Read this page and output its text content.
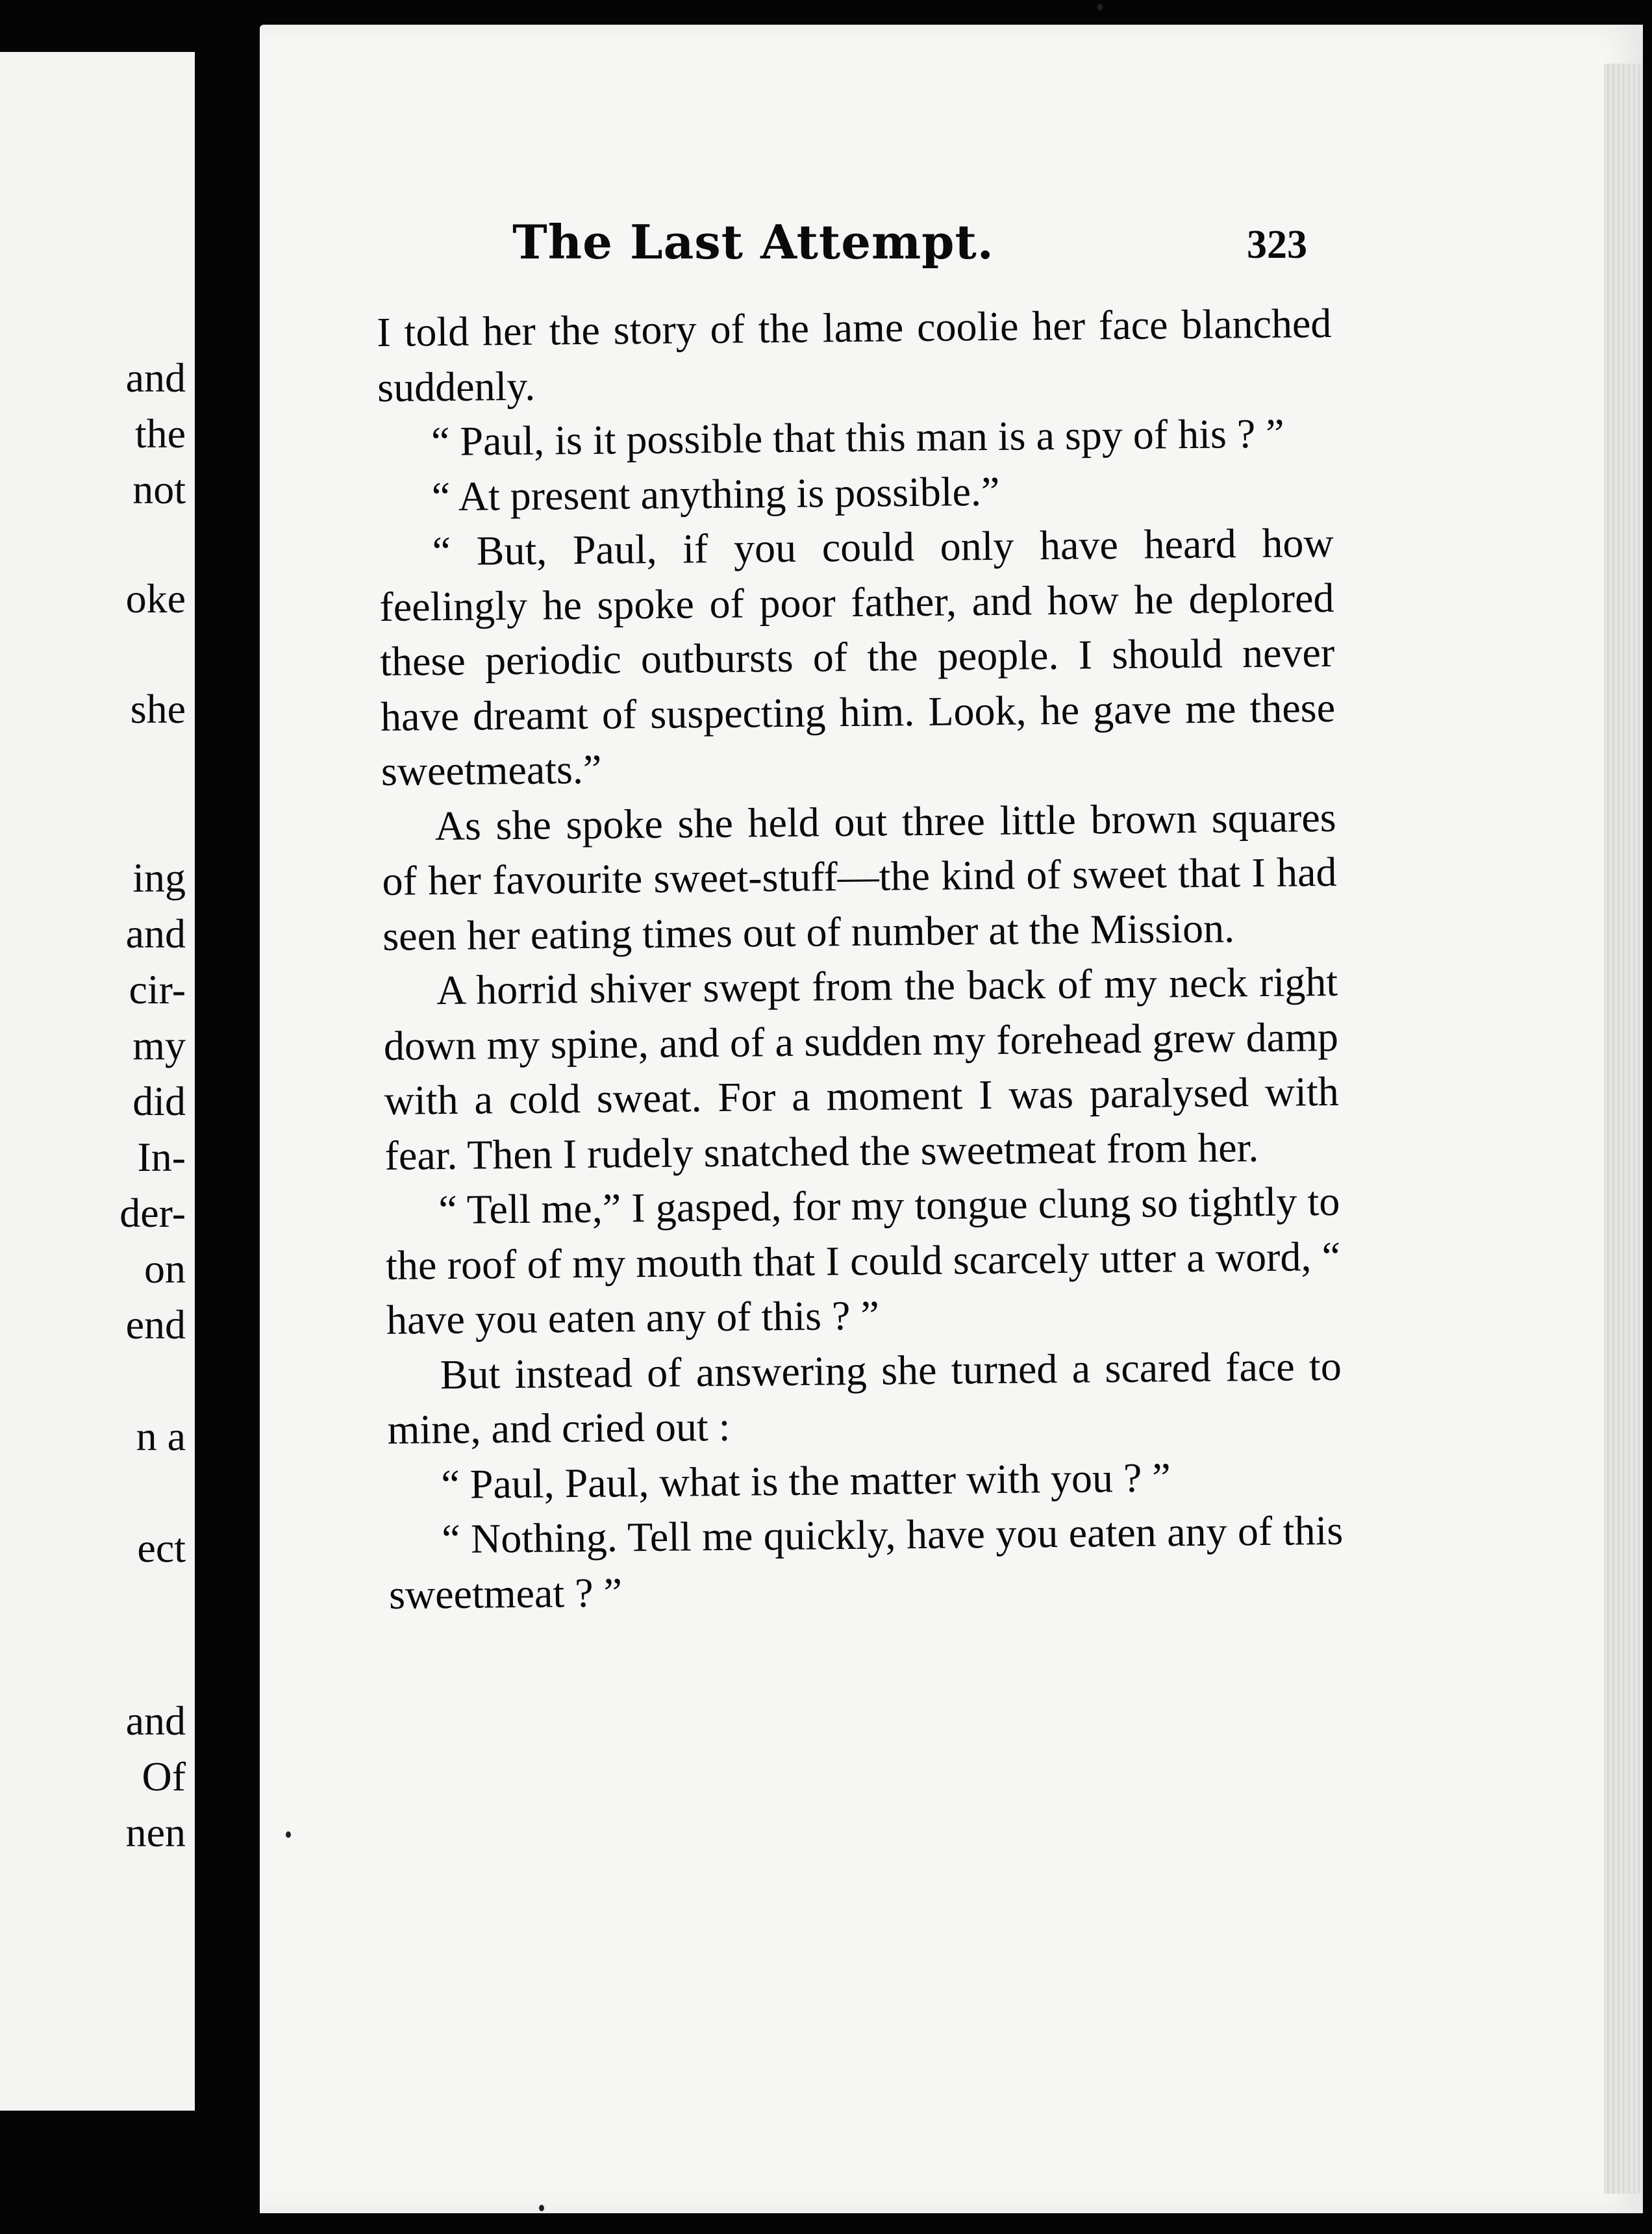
and
the
not
oke
she
ing
and
cir-
my
did
In-
der-
on
end
n a
ect
and
Of
nen
The Last Attempt.	323

I told her the story of the lame coolie her face blanched suddenly.

“ Paul, is it possible that this man is a spy of his ? ”

“ At present anything is possible.”

“ But, Paul, if you could only have heard how feelingly he spoke of poor father, and how he deplored these periodic outbursts of the people. I should never have dreamt of suspecting him. Look, he gave me these sweetmeats.”

As she spoke she held out three little brown squares of her favourite sweet-stuff—the kind of sweet that I had seen her eating times out of number at the Mission.

A horrid shiver swept from the back of my neck right down my spine, and of a sudden my forehead grew damp with a cold sweat. For a moment I was paralysed with fear. Then I rudely snatched the sweetmeat from her.

“ Tell me,” I gasped, for my tongue clung so tightly to the roof of my mouth that I could scarcely utter a word, “ have you eaten any of this ? ”

But instead of answering she turned a scared face to mine, and cried out :

“ Paul, Paul, what is the matter with you ? ”

“ Nothing. Tell me quickly, have you eaten any of this sweetmeat ? ”
